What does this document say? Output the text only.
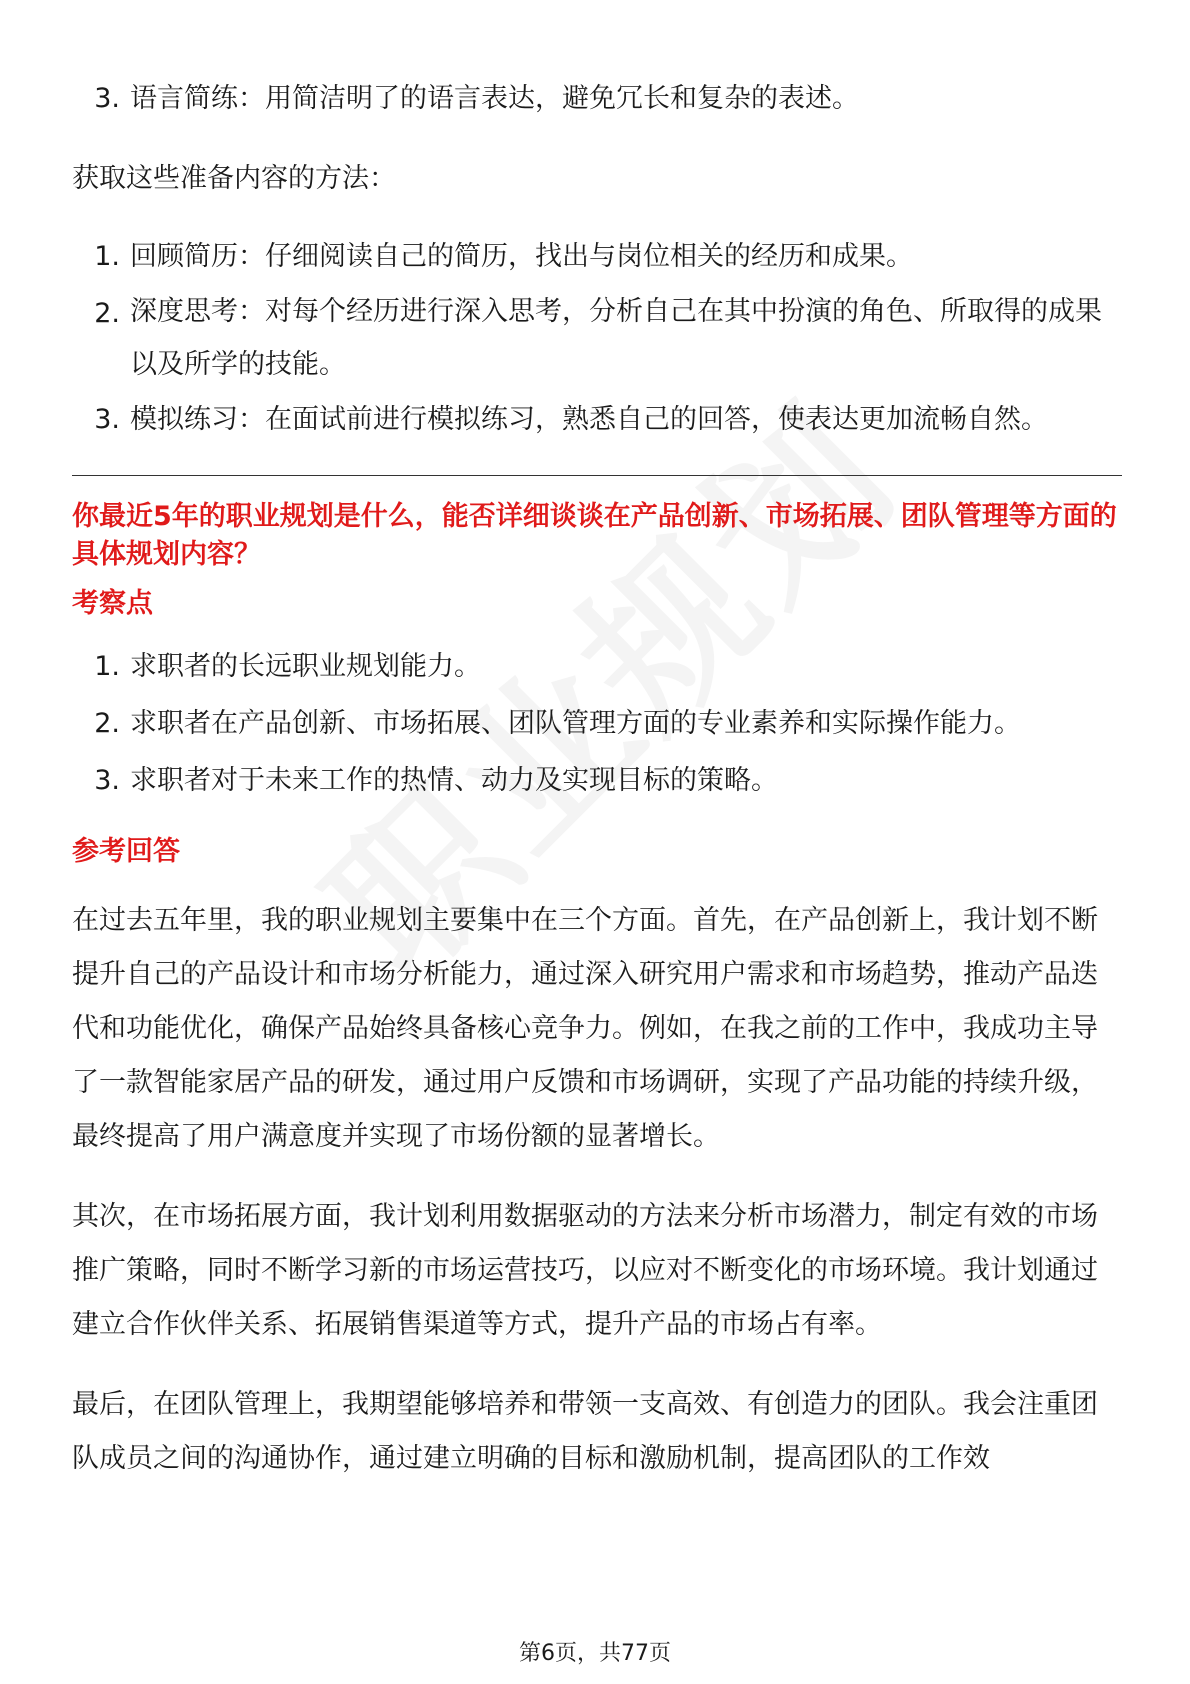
3. 语言简练：用简洁明了的语言表达，避免冗长和复杂的表述。

获取这些准备内容的方法：

1. 回顾简历：仔细阅读自己的简历，找出与岗位相关的经历和成果。
2. 深度思考：对每个经历进行深入思考，分析自己在其中扮演的角色、所取得的成果以及所学的技能。
3. 模拟练习：在面试前进行模拟练习，熟悉自己的回答，使表达更加流畅自然。
你最近5年的职业规划是什么，能否详细谈谈在产品创新、市场拓展、团队管理等方面的具体规划内容？
考察点
1. 求职者的长远职业规划能力。
2. 求职者在产品创新、市场拓展、团队管理方面的专业素养和实际操作能力。
3. 求职者对于未来工作的热情、动力及实现目标的策略。
参考回答

在过去五年里，我的职业规划主要集中在三个方面。首先，在产品创新上，我计划不断提升自己的产品设计和市场分析能力，通过深入研究用户需求和市场趋势，推动产品迭代和功能优化，确保产品始终具备核心竞争力。例如，在我之前的工作中，我成功主导了一款智能家居产品的研发，通过用户反馈和市场调研，实现了产品功能的持续升级，最终提高了用户满意度并实现了市场份额的显著增长。

其次，在市场拓展方面，我计划利用数据驱动的方法来分析市场潜力，制定有效的市场推广策略，同时不断学习新的市场运营技巧，以应对不断变化的市场环境。我计划通过建立合作伙伴关系、拓展销售渠道等方式，提升产品的市场占有率。

最后，在团队管理上，我期望能够培养和带领一支高效、有创造力的团队。我会注重团队成员之间的沟通协作，通过建立明确的目标和激励机制，提高团队的工作效

第6页，共77页
